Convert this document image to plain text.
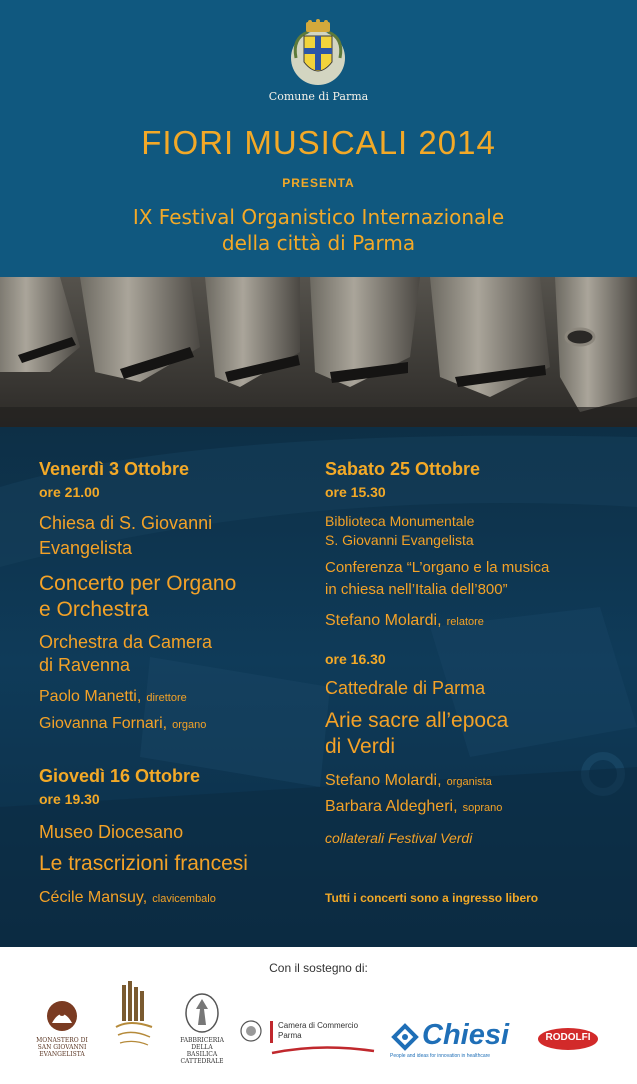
Comune di Parma
FIORI MUSICALI 2014
PRESENTA
IX Festival Organistico Internazionale
della città di Parma
Venerdì 3 Ottobre
ore 21.00
Chiesa di S. Giovanni
Evangelista
Concerto per Organo
e Orchestra
Orchestra da Camera
di Ravenna
Paolo Manetti, direttore
Giovanna Fornari, organo
Giovedì 16 Ottobre
ore 19.30
Museo Diocesano
Le trascrizioni francesi
Cécile Mansuy, clavicembalo
Sabato 25 Ottobre
ore 15.30
Biblioteca Monumentale
S. Giovanni Evangelista
Conferenza “L’organo e la musica
in chiesa nell’Italia dell’800”
Stefano Molardi, relatore
ore 16.30
Cattedrale di Parma
Arie sacre all’epoca
di Verdi
Stefano Molardi, organista
Barbara Aldegheri, soprano
collaterali Festival Verdi
Tutti i concerti sono a ingresso libero
Con il sostegno di:
MONASTERO DI
SAN GIOVANNI
EVANGELISTA
FABBRICERIA
DELLA BASILICA
CATTEDRALE
Camera di Commercio
Parma	Chiesi
People and ideas for innovation in healthcare
RODOLFI
